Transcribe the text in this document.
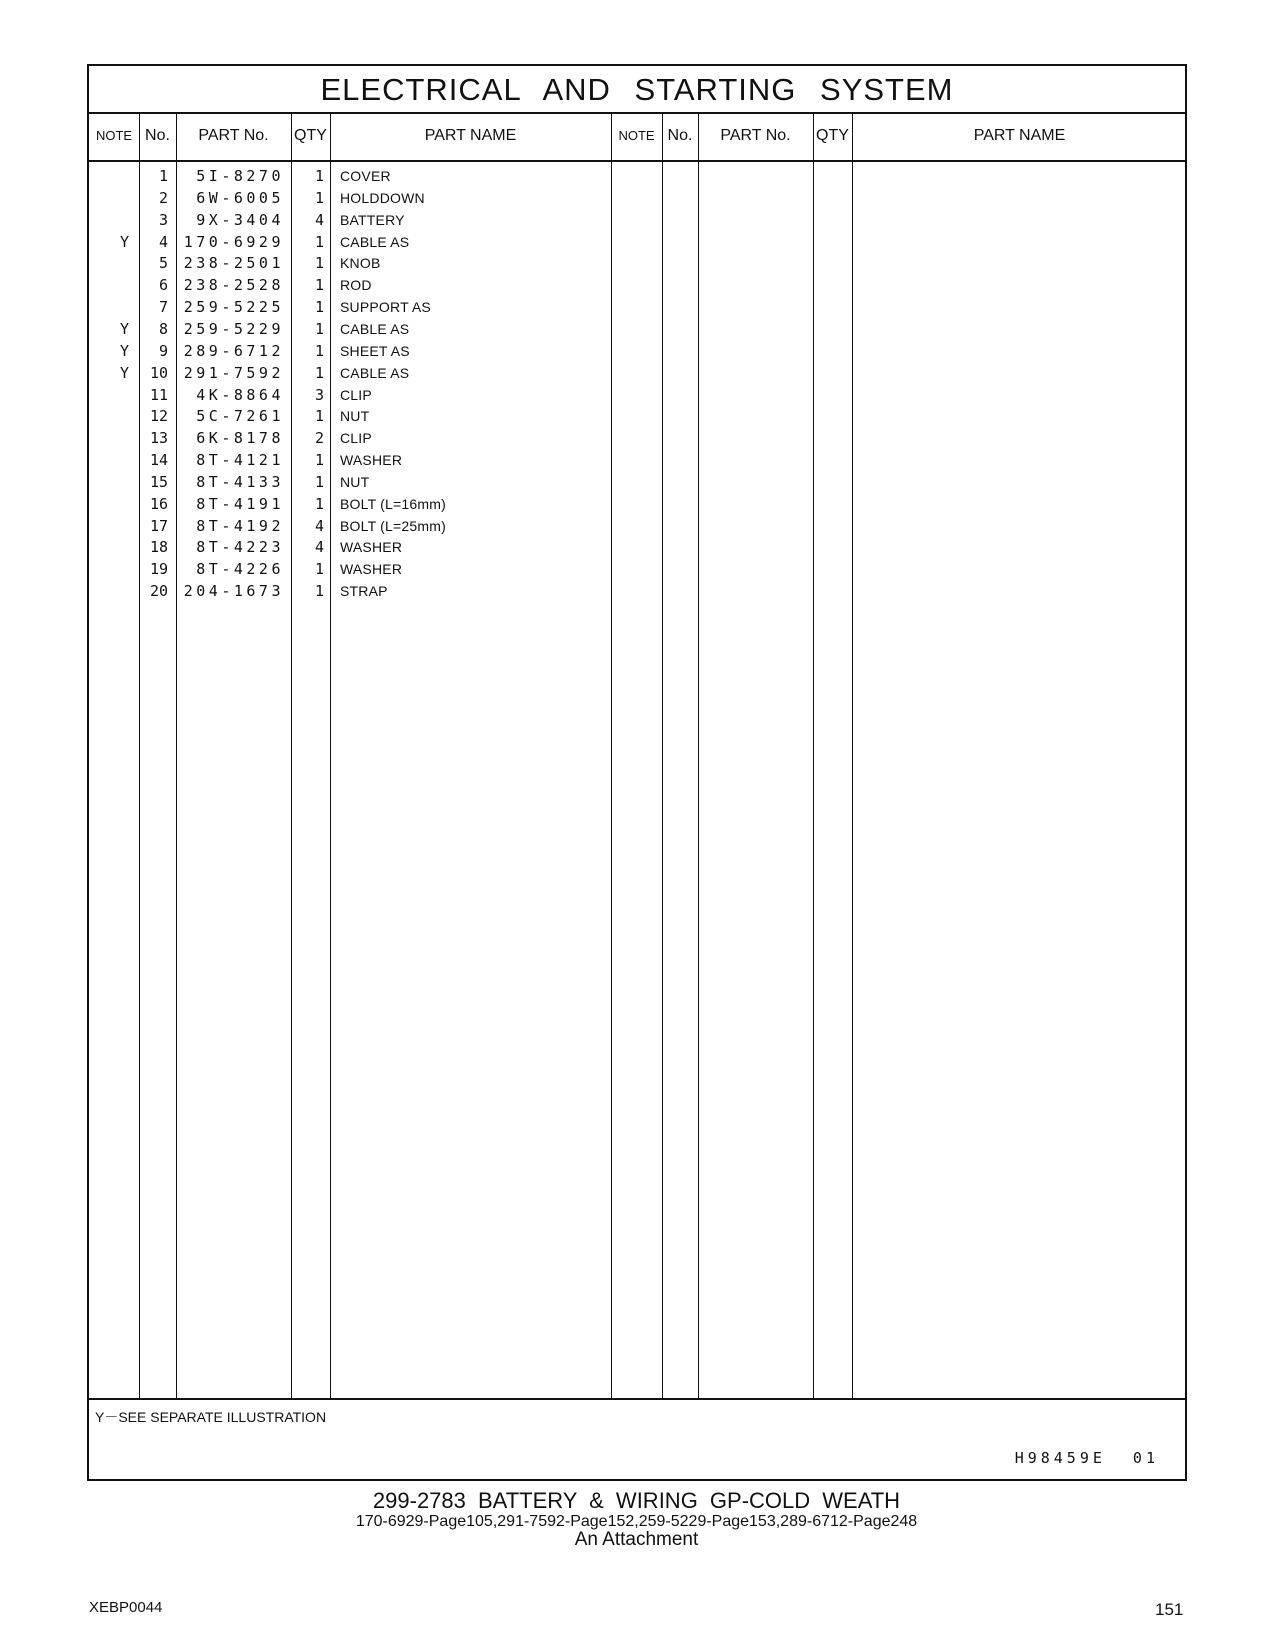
ELECTRICAL AND STARTING SYSTEM
NOTE No.	PART No.	QTY	PART NAME	NOTE No.	PART No.	QTY	PART NAME
1	5I-8270	1 COVER
2	6W-6005	1 HOLDDOWN
3	9X-3404	4 BATTERY
Y	4	170-6929	1 CABLE AS
5	238-2501	1 KNOB
6	238-2528	1 ROD
7	259-5225	1 SUPPORT AS
Y	8	259-5229	1 CABLE AS
Y	9	289-6712	1 SHEET AS
Y	10	291-7592	1 CABLE AS
11	4K-8864	3 CLIP
12	5C-7261	1 NUT
13	6K-8178	2 CLIP
14	8T-4121	1 WASHER
15	8T-4133	1 NUT
16	8T-4191	1 BOLT (L=16mm)
17	8T-4192	4 BOLT (L=25mm)
18	8T-4223	4 WASHER
19	8T-4226	1 WASHER
20	204-1673	1 STRAP
Y－SEE SEPARATE ILLUSTRATION
H98459E 01
299-2783 BATTERY & WIRING GP-COLD WEATH
170-6929-Page105,291-7592-Page152,259-5229-Page153,289-6712-Page248
An Attachment
XEBP0044	151
